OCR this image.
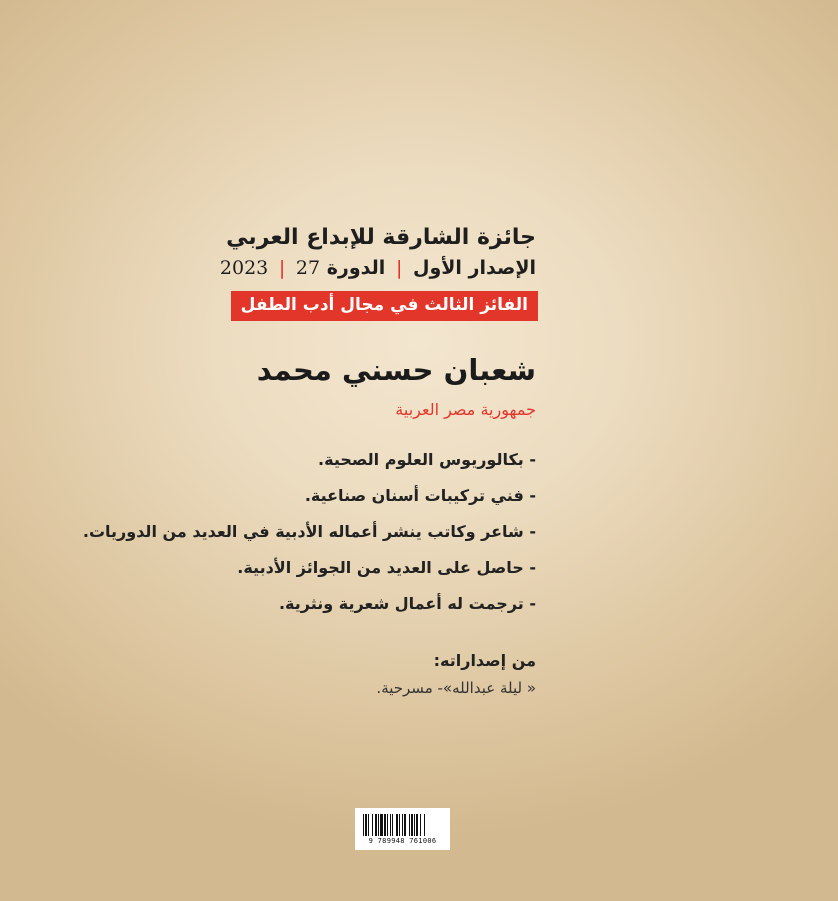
جائزة الشارقة للإبداع العربي
الإصدار الأول | الدورة 27 | 2023
الفائز الثالث في مجال أدب الطفل
شعبان حسني محمد
جمهورية مصر العربية
- بكالوريوس العلوم الصحية.
- فني تركيبات أسنان صناعية.
- شاعر وكاتب ينشر أعماله الأدبية في العديد من الدوريات.
- حاصل على العديد من الجوائز الأدبية.
- ترجمت له أعمال شعرية ونثرية.
من إصداراته:
« ليلة عبدالله»- مسرحية.
9 789948 761006
